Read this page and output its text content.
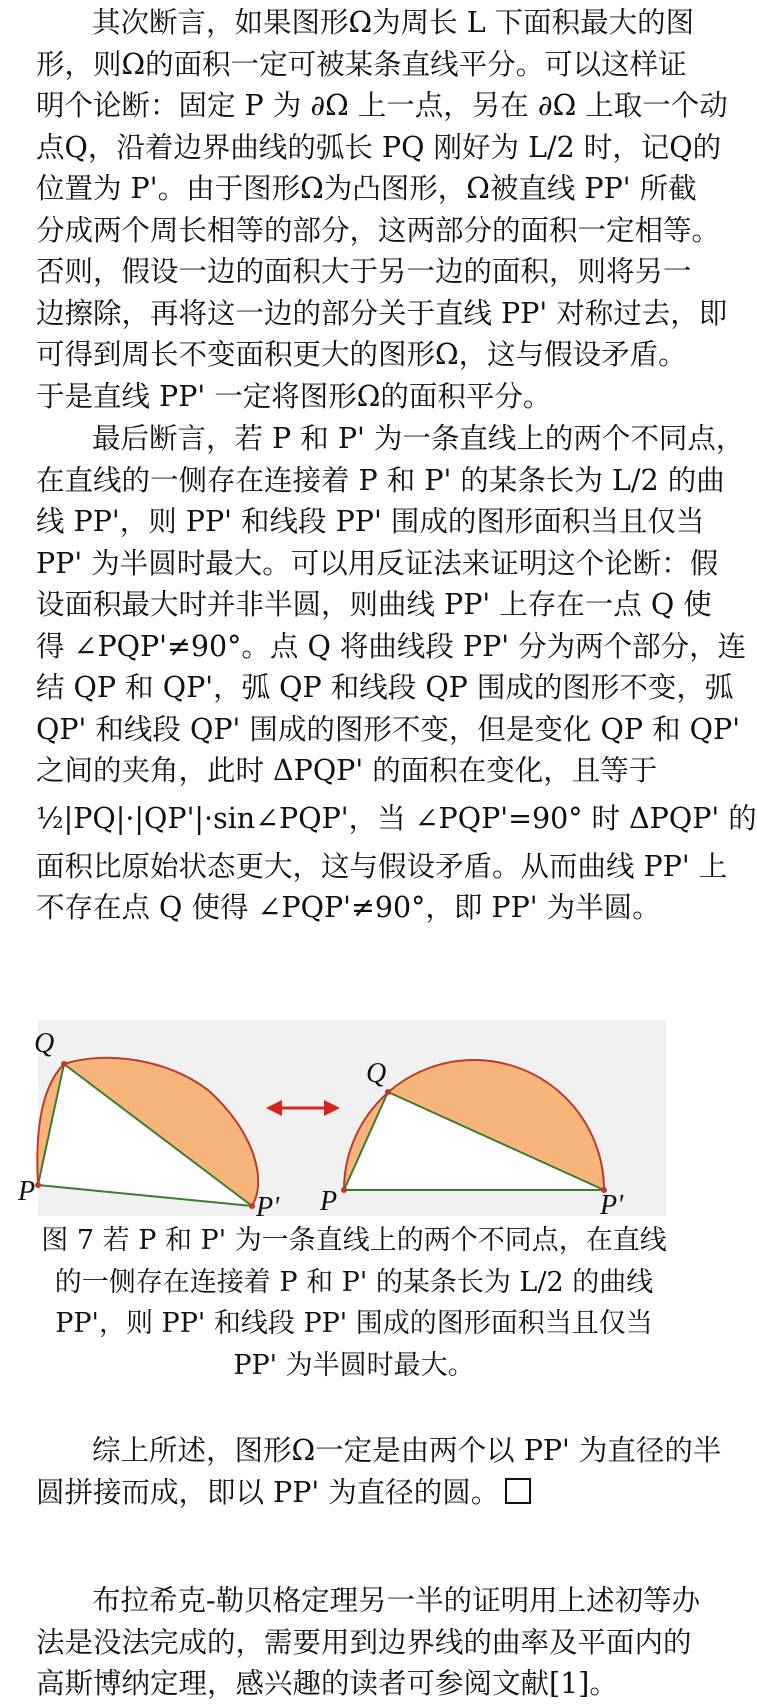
其次断言，如果图形Ω为周长 L 下面积最大的图
形，则Ω的面积一定可被某条直线平分。可以这样证
明个论断：固定 P 为 ∂Ω 上一点，另在 ∂Ω 上取一个动
点Q，沿着边界曲线的弧长 PQ 刚好为 L/2 时，记Q的
位置为 P'。由于图形Ω为凸图形，Ω被直线 PP' 所截
分成两个周长相等的部分，这两部分的面积一定相等。
否则，假设一边的面积大于另一边的面积，则将另一
边擦除，再将这一边的部分关于直线 PP' 对称过去，即
可得到周长不变面积更大的图形Ω，这与假设矛盾。
于是直线 PP' 一定将图形Ω的面积平分。
最后断言，若 P 和 P' 为一条直线上的两个不同点，
在直线的一侧存在连接着 P 和 P' 的某条长为 L/2 的曲
线 PP'，则 PP' 和线段 PP' 围成的图形面积当且仅当
PP' 为半圆时最大。可以用反证法来证明这个论断：假
设面积最大时并非半圆，则曲线 PP' 上存在一点 Q 使
得 ∠PQP'≠90°。点 Q 将曲线段 PP' 分为两个部分，连
结 QP 和 QP'，弧 QP 和线段 QP 围成的图形不变，弧
QP' 和线段 QP' 围成的图形不变，但是变化 QP 和 QP'
之间的夹角，此时 ΔPQP' 的面积在变化，且等于
½|PQ|·|QP'|·sin∠PQP'，当 ∠PQP'=90° 时 ΔPQP' 的
面积比原始状态更大，这与假设矛盾。从而曲线 PP' 上
不存在点 Q 使得 ∠PQP'≠90°，即 PP' 为半圆。
Q
P
P'
Q
P	P'
图 7 若 P 和 P' 为一条直线上的两个不同点，在直线
的一侧存在连接着 P 和 P' 的某条长为 L/2 的曲线
PP'，则 PP' 和线段 PP' 围成的图形面积当且仅当
PP' 为半圆时最大。
综上所述，图形Ω一定是由两个以 PP' 为直径的半
圆拼接而成，即以 PP' 为直径的圆。
布拉希克-勒贝格定理另一半的证明用上述初等办
法是没法完成的，需要用到边界线的曲率及平面内的
高斯博纳定理，感兴趣的读者可参阅文献[1]。
